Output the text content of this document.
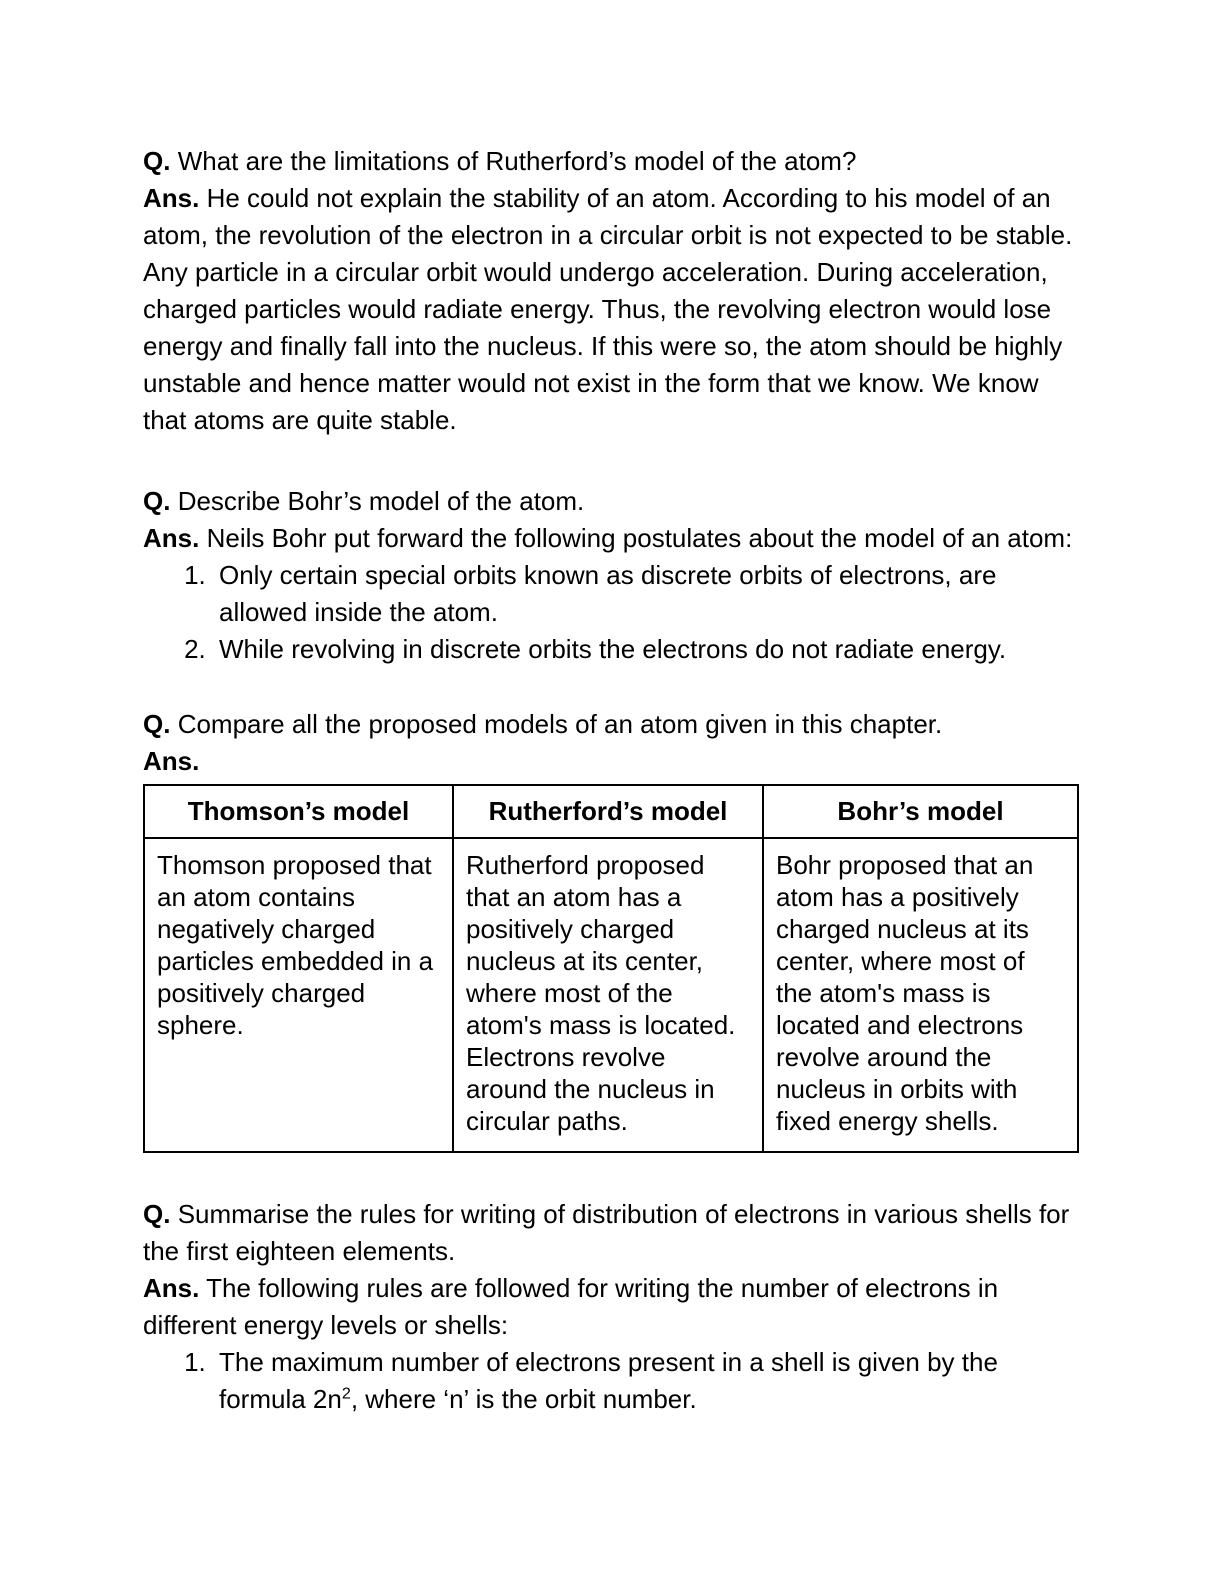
Q. What are the limitations of Rutherford’s model of the atom?

Ans. He could not explain the stability of an atom. According to his model of an atom, the revolution of the electron in a circular orbit is not expected to be stable. Any particle in a circular orbit would undergo acceleration. During acceleration, charged particles would radiate energy. Thus, the revolving electron would lose energy and finally fall into the nucleus. If this were so, the atom should be highly unstable and hence matter would not exist in the form that we know. We know that atoms are quite stable.

Q. Describe Bohr’s model of the atom.

Ans. Neils Bohr put forward the following postulates about the model of an atom:

1. Only certain special orbits known as discrete orbits of electrons, are allowed inside the atom.
2. While revolving in discrete orbits the electrons do not radiate energy.

Q. Compare all the proposed models of an atom given in this chapter.

Ans.

Thomson’s model	Rutherford’s model	Bohr’s model
Thomson proposed that an atom contains negatively charged particles embedded in a positively charged sphere.	Rutherford proposed that an atom has a positively charged nucleus at its center, where most of the atom's mass is located. Electrons revolve around the nucleus in circular paths.	Bohr proposed that an atom has a positively charged nucleus at its center, where most of the atom's mass is located and electrons revolve around the nucleus in orbits with fixed energy shells.

Q. Summarise the rules for writing of distribution of electrons in various shells for the first eighteen elements.

Ans. The following rules are followed for writing the number of electrons in different energy levels or shells:

1. The maximum number of electrons present in a shell is given by the formula $2n^2$, where ‘n’ is the orbit number.
